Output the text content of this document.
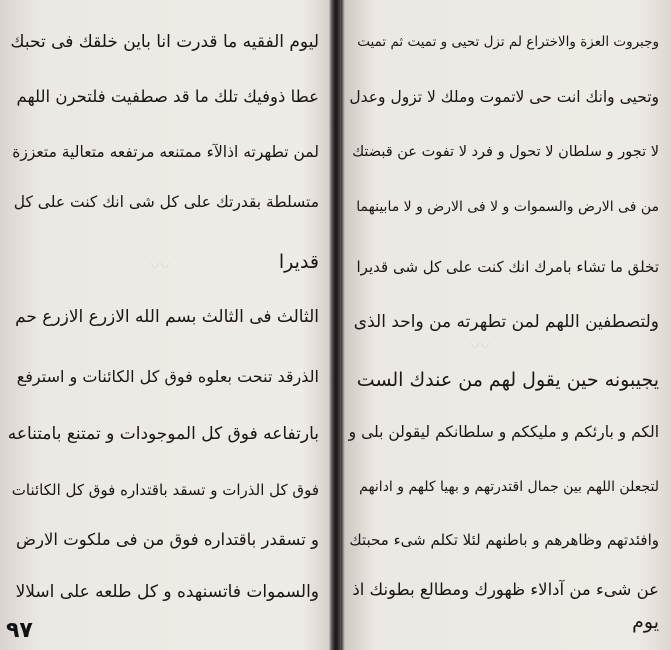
〰
〰
ليوم الفقيه ما قدرت انا باين خلقك فى تحبك
عطا ذوفيك تلك ما قد صطفيت فلتحرن اللهم
لمن تطهرته اذالآء ممتنعه مرتفعه متعالية متعززة
متسلطة بقدرتك على كل شى انك كنت على كل
قديرا
الثالث فى الثالث بسم الله الازرع الازرع حم
الذرقد تنحت بعلوه فوق كل الكائنات و استرفع
بارتفاعه فوق كل الموجودات و تمتنع بامتناعه
فوق كل الذرات و تسقد باقتداره فوق كل الكائنات
و تسقدر باقتداره فوق من فى ملكوت الارض
والسموات فاتسنهده و كل طلعه على اسلالا
٩٧
وجبروت العزة والاختراع لم تزل تحيى و تميت ثم تميت
وتحيى وانك انت حى لاتموت وملك لا تزول وعدل
لا تجور و سلطان لا تحول و فرد لا تفوت عن قبضتك
من فى الارض والسموات و لا فى الارض و لا مابينهما
تخلق ما تشاء بامرك انك كنت على كل شى قديرا
ولتصطفين اللهم لمن تطهرته من واحد الذى
يجيبونه حين يقول لهم من عندك الست
الكم و بارئكم و مليككم و سلطانكم ليقولن بلى و
لتجعلن اللهم بين جمال اقتدرتهم و بهيا كلهم و ادانهم
وافئدتهم وظاهرهم و باطنهم لئلا تكلم شىء محبتك
عن شىء من آدالاء ظهورك ومطالع بطونك اذ
يوم
